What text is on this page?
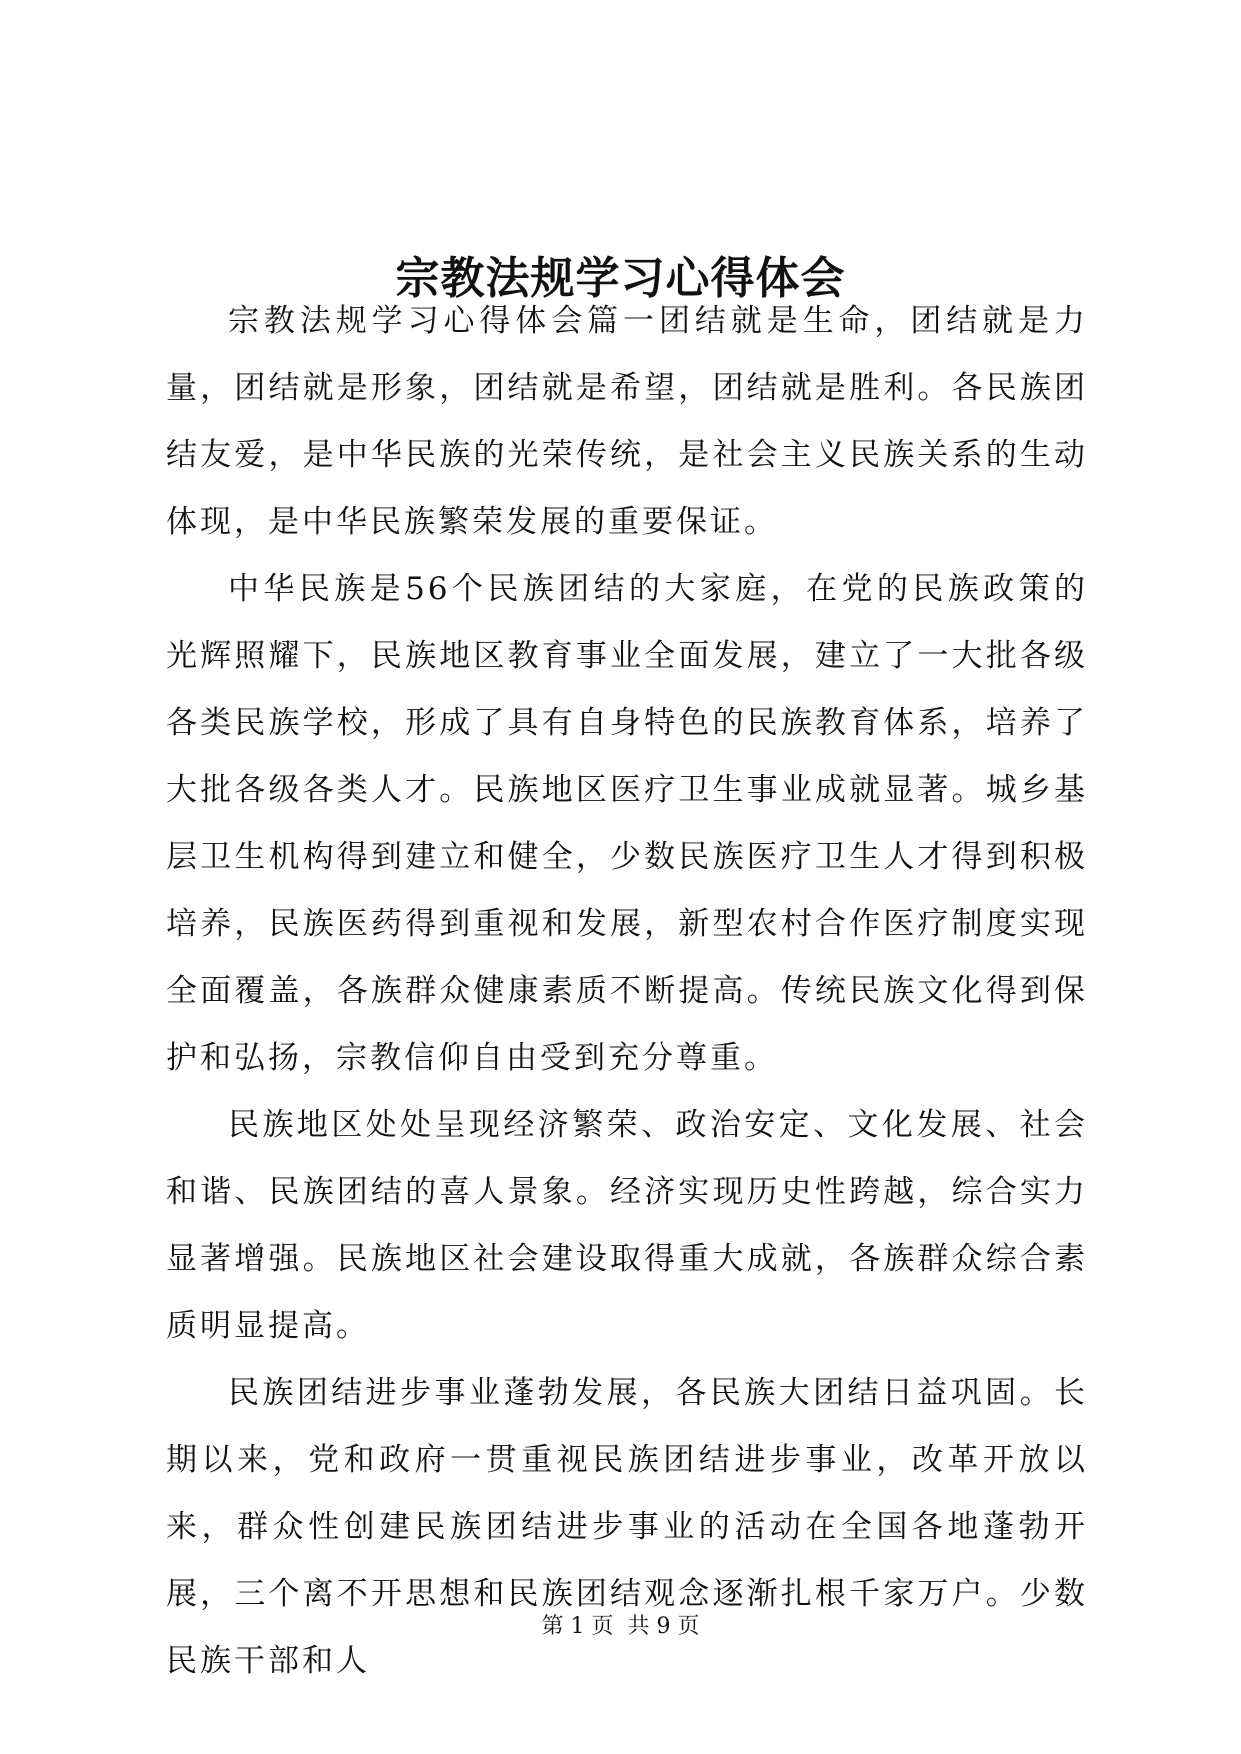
宗教法规学习心得体会

宗教法规学习心得体会篇一团结就是生命，团结就是力量，团结就是形象，团结就是希望，团结就是胜利。各民族团结友爱，是中华民族的光荣传统，是社会主义民族关系的生动体现，是中华民族繁荣发展的重要保证。

中华民族是56个民族团结的大家庭，在党的民族政策的光辉照耀下，民族地区教育事业全面发展，建立了一大批各级各类民族学校，形成了具有自身特色的民族教育体系，培养了大批各级各类人才。民族地区医疗卫生事业成就显著。城乡基层卫生机构得到建立和健全，少数民族医疗卫生人才得到积极培养，民族医药得到重视和发展，新型农村合作医疗制度实现全面覆盖，各族群众健康素质不断提高。传统民族文化得到保护和弘扬，宗教信仰自由受到充分尊重。

民族地区处处呈现经济繁荣、政治安定、文化发展、社会和谐、民族团结的喜人景象。经济实现历史性跨越，综合实力显著增强。民族地区社会建设取得重大成就，各族群众综合素质明显提高。

民族团结进步事业蓬勃发展，各民族大团结日益巩固。长期以来，党和政府一贯重视民族团结进步事业，改革开放以来，群众性创建民族团结进步事业的活动在全国各地蓬勃开展，三个离不开思想和民族团结观念逐渐扎根千家万户。少数民族干部和人

第 1 页  共 9 页
